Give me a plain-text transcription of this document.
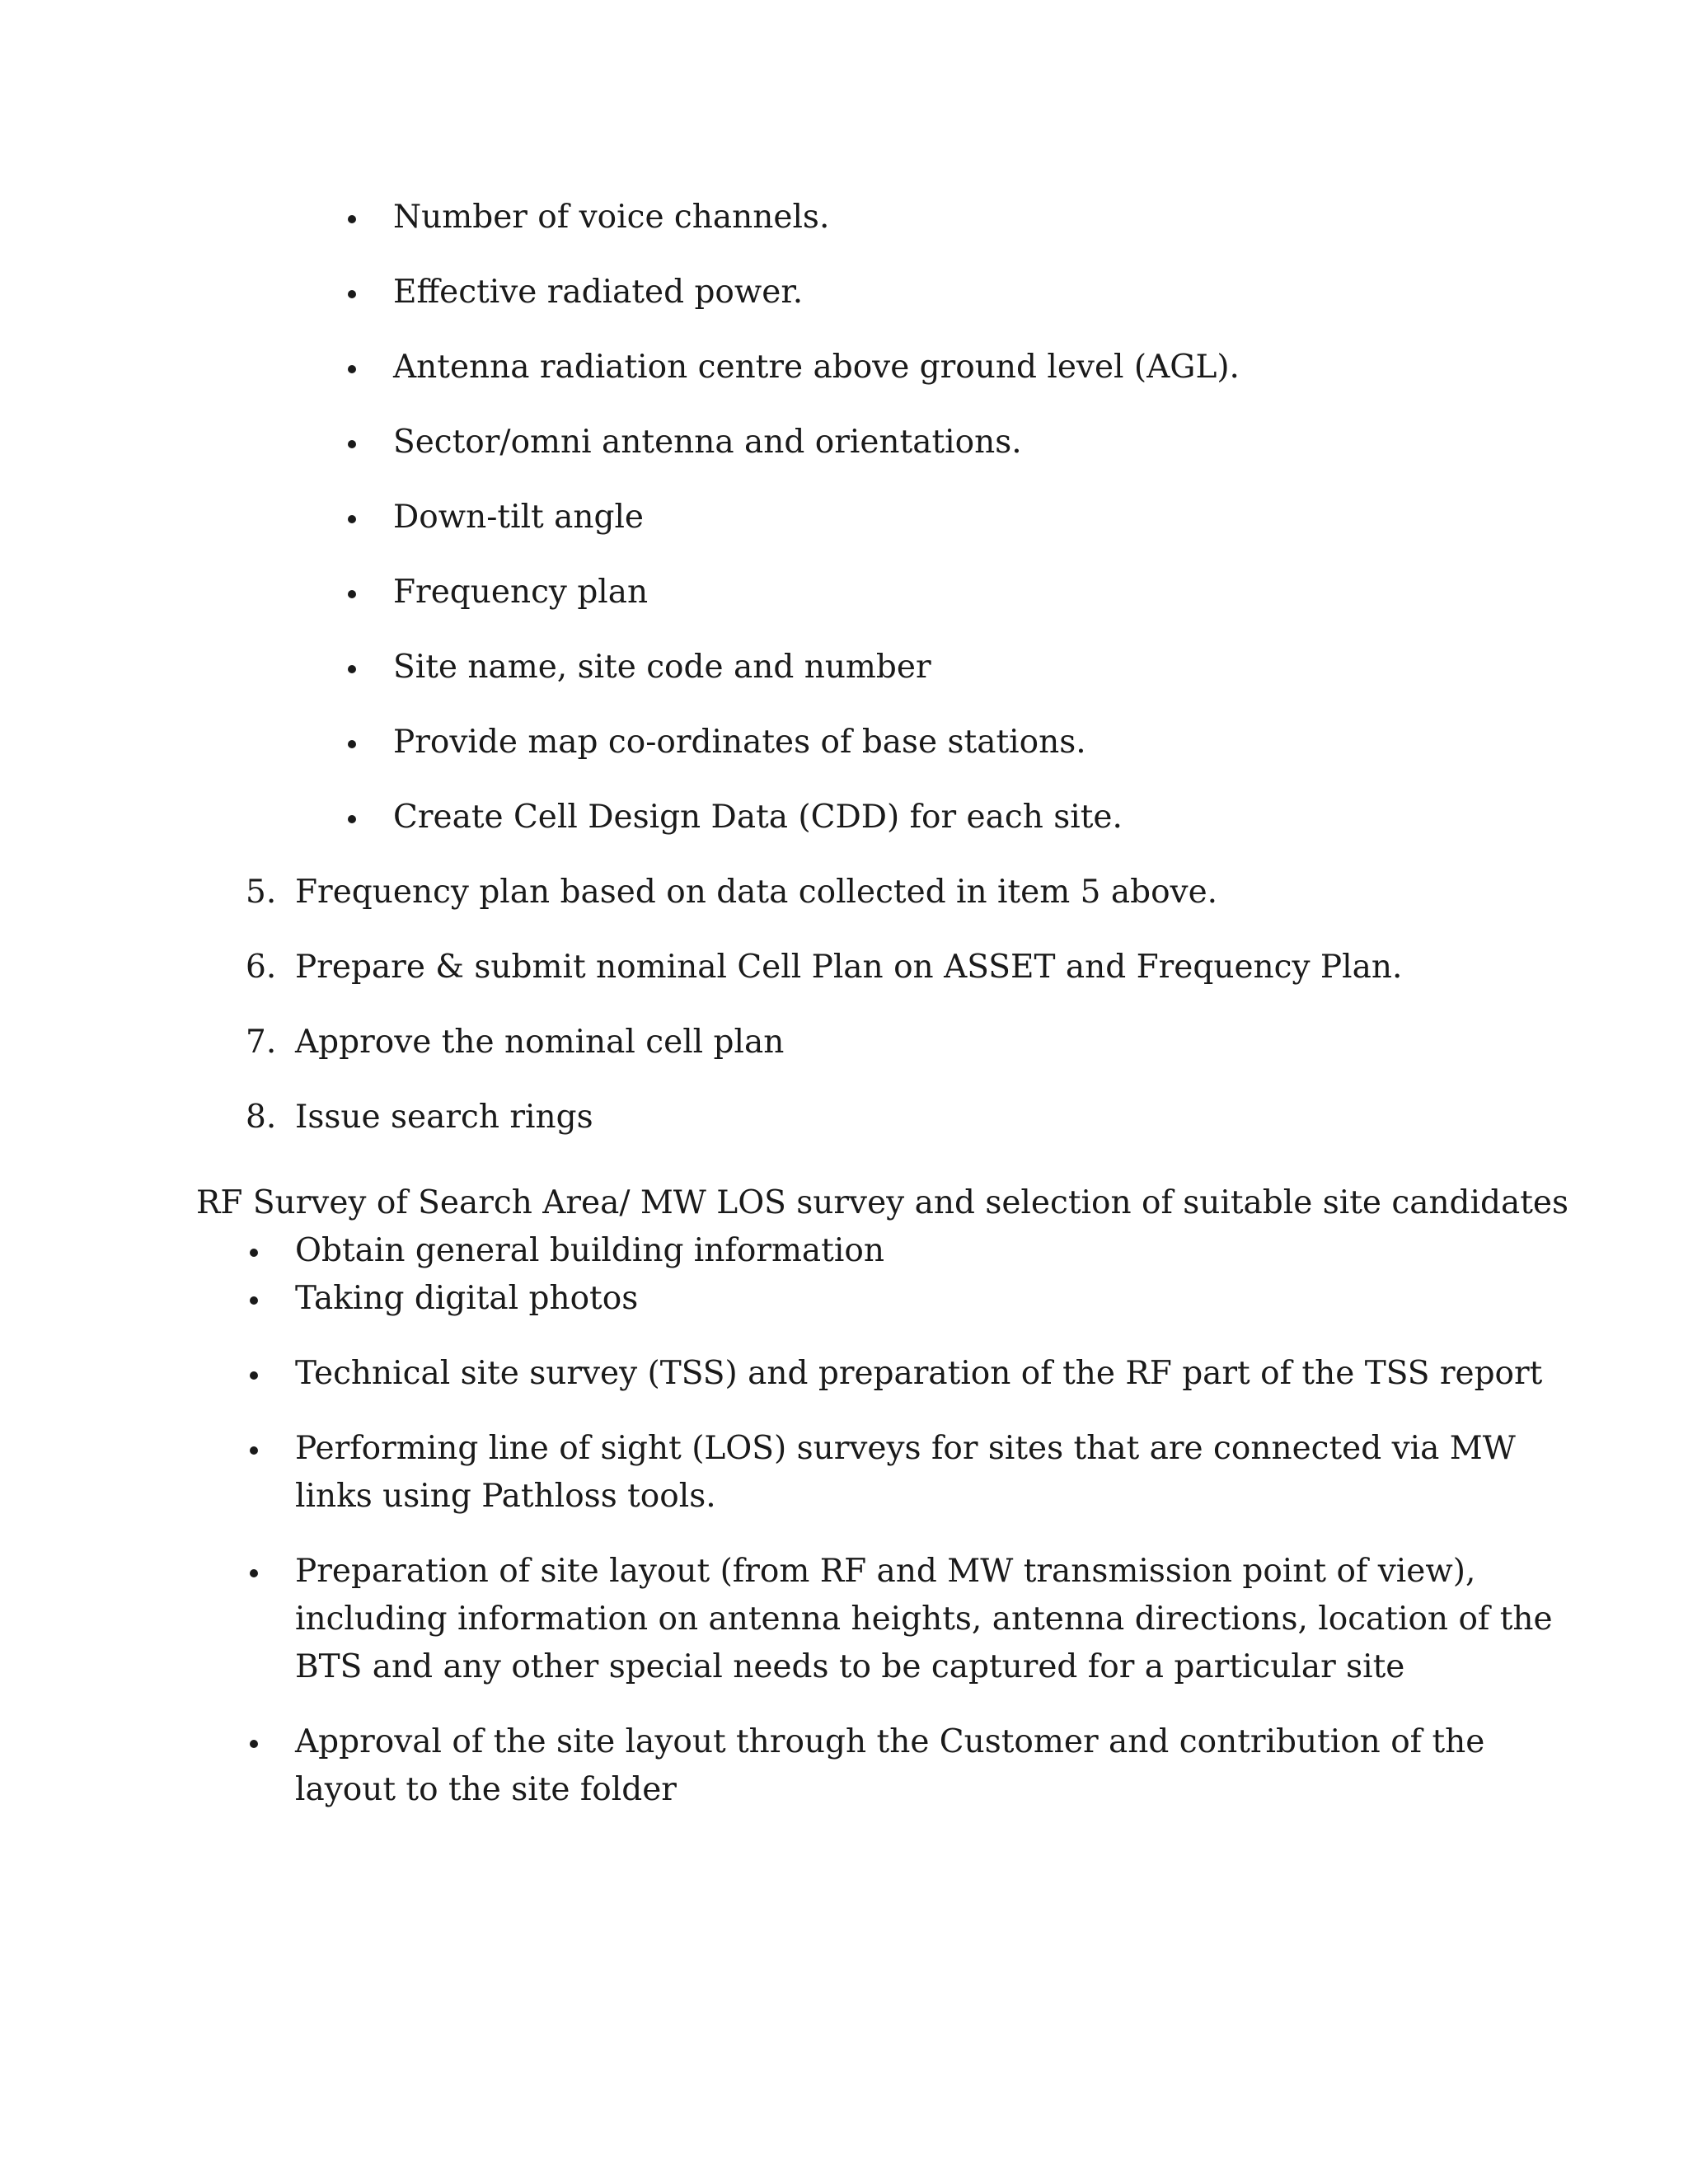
Number of voice channels.
Effective radiated power.
Antenna radiation centre above ground level (AGL).
Sector/omni antenna and orientations.
Down-tilt angle
Frequency plan
Site name, site code and number
Provide map co-ordinates of base stations.
Create Cell Design Data (CDD) for each site.
5. Frequency plan based on data collected in item 5 above.
6. Prepare & submit nominal Cell Plan on ASSET and Frequency Plan.
7. Approve the nominal cell plan
8. Issue search rings
RF Survey of Search Area/ MW LOS survey and selection of suitable site candidates
Obtain general building information
Taking digital photos
Technical site survey (TSS) and preparation of the RF part of the TSS report
Performing line of sight (LOS) surveys for sites that are connected via MW
links using Pathloss tools.
Preparation of site layout (from RF and MW transmission point of view),
including information on antenna heights, antenna directions, location of the
BTS and any other special needs to be captured for a particular site
Approval of the site layout through the Customer and contribution of the
layout to the site folder
